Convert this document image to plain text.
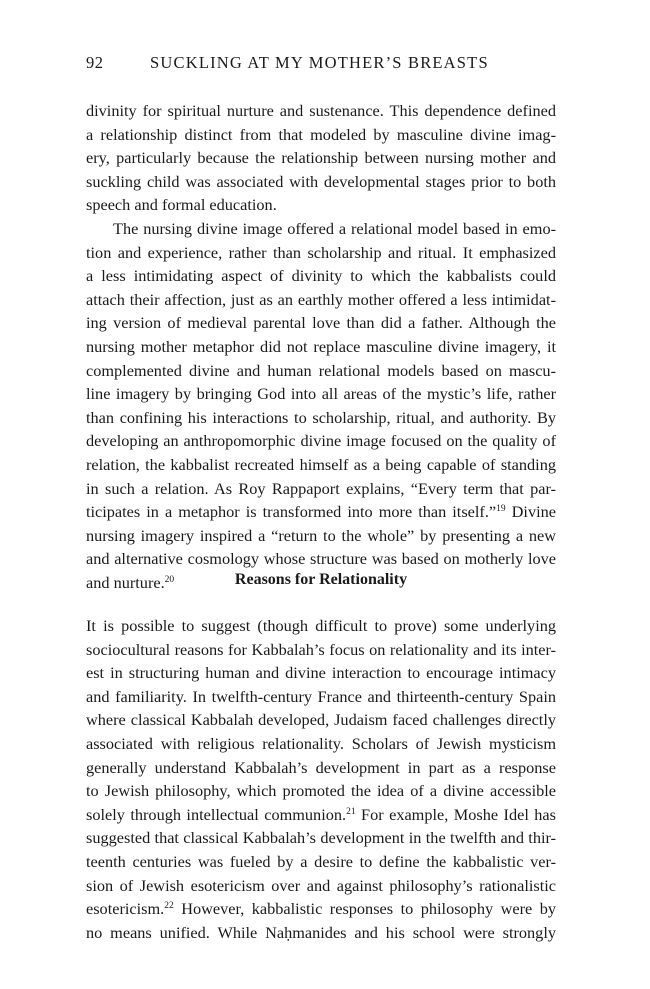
92	SUCKLING AT MY MOTHER’S BREASTS
divinity for spiritual nurture and sustenance. This dependence defined
a relationship distinct from that modeled by masculine divine imag-
ery, particularly because the relationship between nursing mother and
suckling child was associated with developmental stages prior to both
speech and formal education.
The nursing divine image offered a relational model based in emo-
tion and experience, rather than scholarship and ritual. It emphasized
a less intimidating aspect of divinity to which the kabbalists could
attach their affection, just as an earthly mother offered a less intimidat-
ing version of medieval parental love than did a father. Although the
nursing mother metaphor did not replace masculine divine imagery, it
complemented divine and human relational models based on mascu-
line imagery by bringing God into all areas of the mystic’s life, rather
than confining his interactions to scholarship, ritual, and authority. By
developing an anthropomorphic divine image focused on the quality of
relation, the kabbalist recreated himself as a being capable of standing
in such a relation. As Roy Rappaport explains, “Every term that par-
ticipates in a metaphor is transformed into more than itself.”$^{19}$ Divine
nursing imagery inspired a “return to the whole” by presenting a new
and alternative cosmology whose structure was based on motherly love
and nurture.$^{20}$	Reasons for Relationality
It is possible to suggest (though difficult to prove) some underlying
sociocultural reasons for Kabbalah’s focus on relationality and its inter-
est in structuring human and divine interaction to encourage intimacy
and familiarity. In twelfth-century France and thirteenth-century Spain
where classical Kabbalah developed, Judaism faced challenges directly
associated with religious relationality. Scholars of Jewish mysticism
generally understand Kabbalah’s development in part as a response
to Jewish philosophy, which promoted the idea of a divine accessible
solely through intellectual communion.$^{21}$ For example, Moshe Idel has
suggested that classical Kabbalah’s development in the twelfth and thir-
teenth centuries was fueled by a desire to define the kabbalistic ver-
sion of Jewish esotericism over and against philosophy’s rationalistic
esotericism.$^{22}$ However, kabbalistic responses to philosophy were by
no means unified. While Naḥmanides and his school were strongly
